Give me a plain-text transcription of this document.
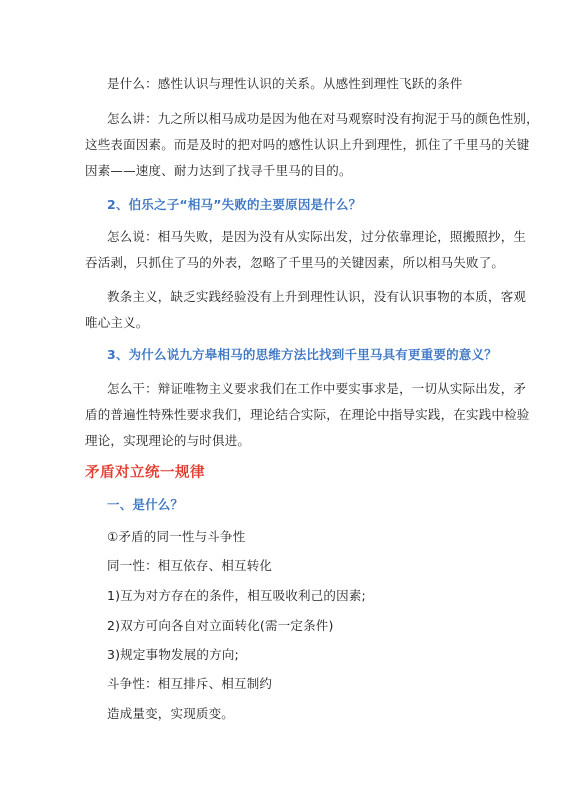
是什么：感性认识与理性认识的关系。从感性到理性飞跃的条件
怎么讲：九之所以相马成功是因为他在对马观察时没有拘泥于马的颜色性别，
这些表面因素。而是及时的把对吗的感性认识上升到理性，抓住了千里马的关键
因素——速度、耐力达到了找寻千里马的目的。
2、伯乐之子“相马”失败的主要原因是什么？
怎么说：相马失败，是因为没有从实际出发，过分依靠理论，照搬照抄，生
吞活剥，只抓住了马的外表，忽略了千里马的关键因素，所以相马失败了。
教条主义，缺乏实践经验没有上升到理性认识，没有认识事物的本质，客观
唯心主义。
3、为什么说九方皋相马的思维方法比找到千里马具有更重要的意义？
怎么干：辩证唯物主义要求我们在工作中要实事求是，一切从实际出发，矛
盾的普遍性特殊性要求我们，理论结合实际，在理论中指导实践，在实践中检验
理论，实现理论的与时俱进。
矛盾对立统一规律
一、是什么？
①矛盾的同一性与斗争性
同一性：相互依存、相互转化
1)互为对方存在的条件，相互吸收利己的因素;
2)双方可向各自对立面转化(需一定条件)
3)规定事物发展的方向;
斗争性：相互排斥、相互制约
造成量变，实现质变。
